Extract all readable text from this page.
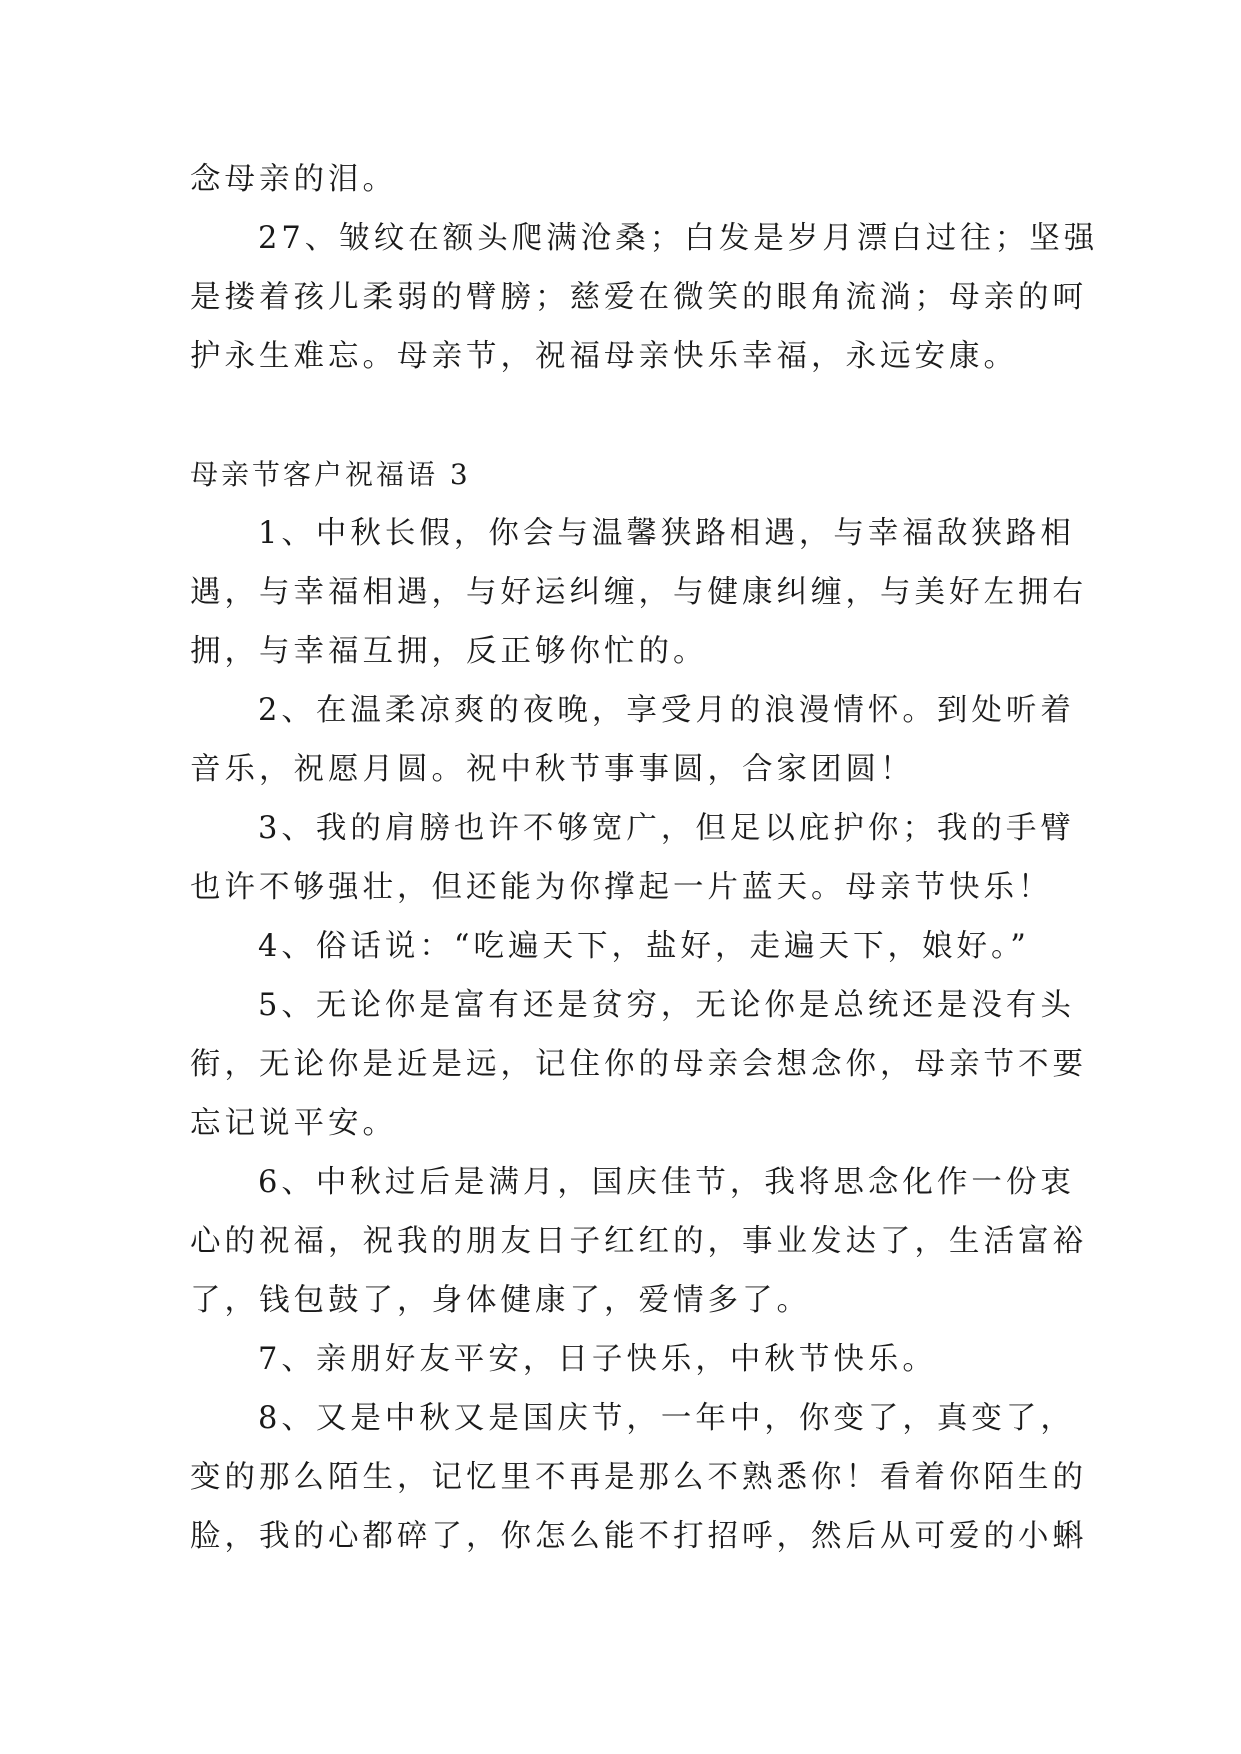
念母亲的泪。
27、皱纹在额头爬满沧桑；白发是岁月漂白过往；坚强
是搂着孩儿柔弱的臂膀；慈爱在微笑的眼角流淌；母亲的呵
护永生难忘。母亲节，祝福母亲快乐幸福，永远安康。
母亲节客户祝福语 3
1、中秋长假，你会与温馨狭路相遇，与幸福敌狭路相
遇，与幸福相遇，与好运纠缠，与健康纠缠，与美好左拥右
拥，与幸福互拥，反正够你忙的。
2、在温柔凉爽的夜晚，享受月的浪漫情怀。到处听着
音乐，祝愿月圆。祝中秋节事事圆，合家团圆！
3、我的肩膀也许不够宽广，但足以庇护你；我的手臂
也许不够强壮，但还能为你撑起一片蓝天。母亲节快乐！
4、俗话说：“吃遍天下，盐好，走遍天下，娘好。”
5、无论你是富有还是贫穷，无论你是总统还是没有头
衔，无论你是近是远，记住你的母亲会想念你，母亲节不要
忘记说平安。
6、中秋过后是满月，国庆佳节，我将思念化作一份衷
心的祝福，祝我的朋友日子红红的，事业发达了，生活富裕
了，钱包鼓了，身体健康了，爱情多了。
7、亲朋好友平安，日子快乐，中秋节快乐。
8、又是中秋又是国庆节，一年中，你变了，真变了，
变的那么陌生，记忆里不再是那么不熟悉你！看着你陌生的
脸，我的心都碎了，你怎么能不打招呼，然后从可爱的小蝌
